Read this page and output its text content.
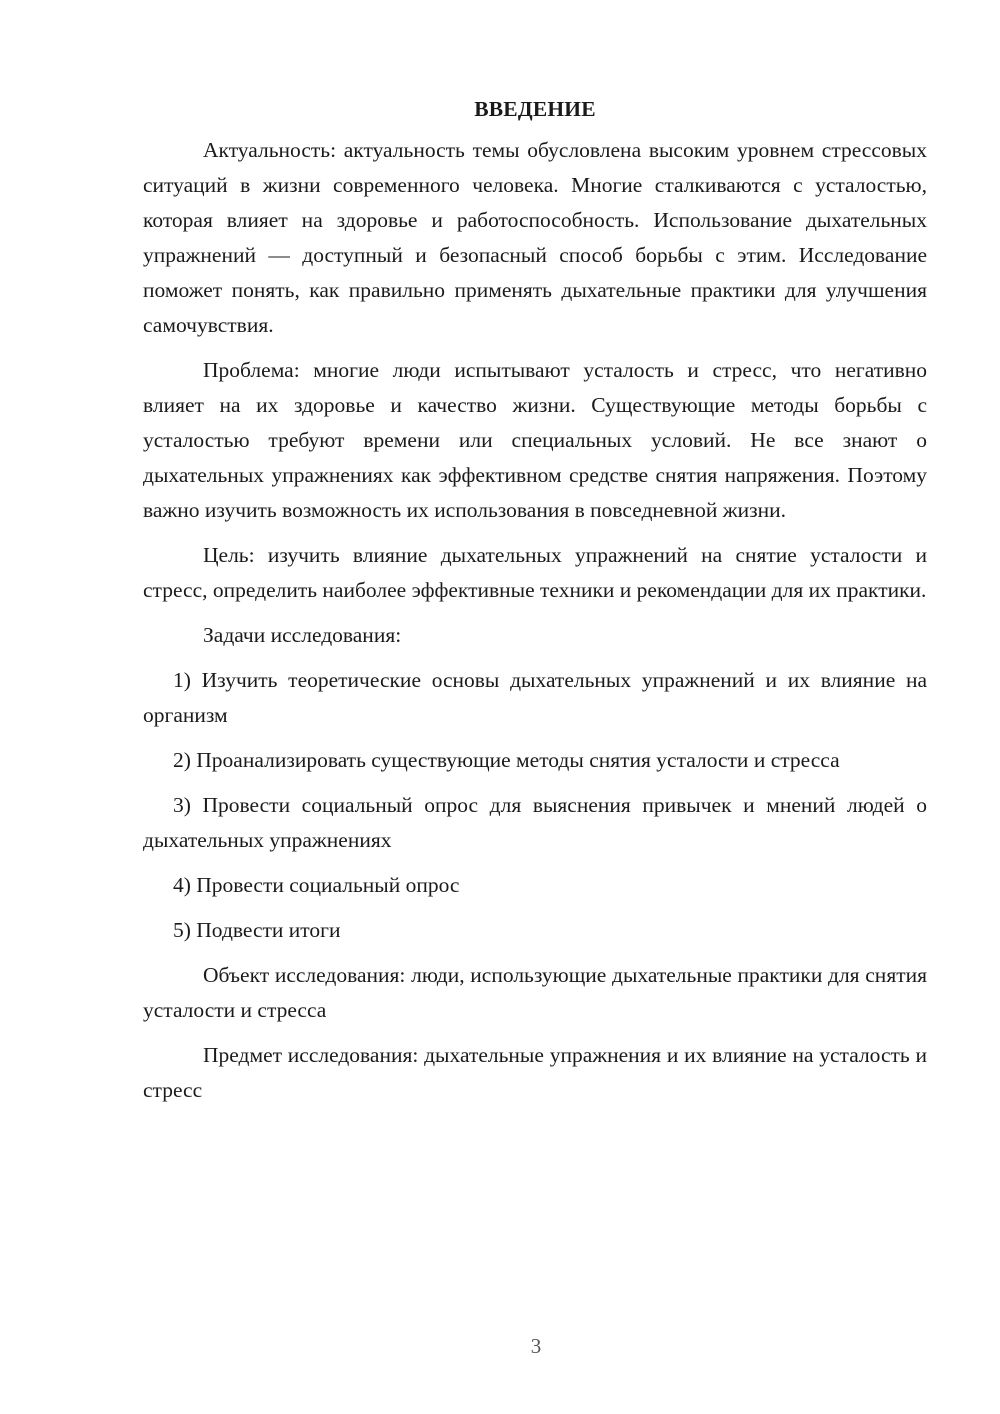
ВВЕДЕНИЕ

Актуальность: актуальность темы обусловлена высоким уровнем стрессовых ситуаций в жизни современного человека. Многие сталкиваются с усталостью, которая влияет на здоровье и работоспособность. Использование дыхательных упражнений — доступный и безопасный способ борьбы с этим. Исследование поможет понять, как правильно применять дыхательные практики для улучшения самочувствия.

Проблема: многие люди испытывают усталость и стресс, что негативно влияет на их здоровье и качество жизни. Существующие методы борьбы с усталостью требуют времени или специальных условий. Не все знают о дыхательных упражнениях как эффективном средстве снятия напряжения. Поэтому важно изучить возможность их использования в повседневной жизни.

Цель: изучить влияние дыхательных упражнений на снятие усталости и стресс, определить наиболее эффективные техники и рекомендации для их практики.

Задачи исследования:

1) Изучить теоретические основы дыхательных упражнений и их влияние на организм

2) Проанализировать существующие методы снятия усталости и стресса

3) Провести социальный опрос для выяснения привычек и мнений людей о дыхательных упражнениях

4) Провести социальный опрос

5) Подвести итоги

Объект исследования: люди, использующие дыхательные практики для снятия усталости и стресса

Предмет исследования: дыхательные упражнения и их влияние на усталость и стресс

3
